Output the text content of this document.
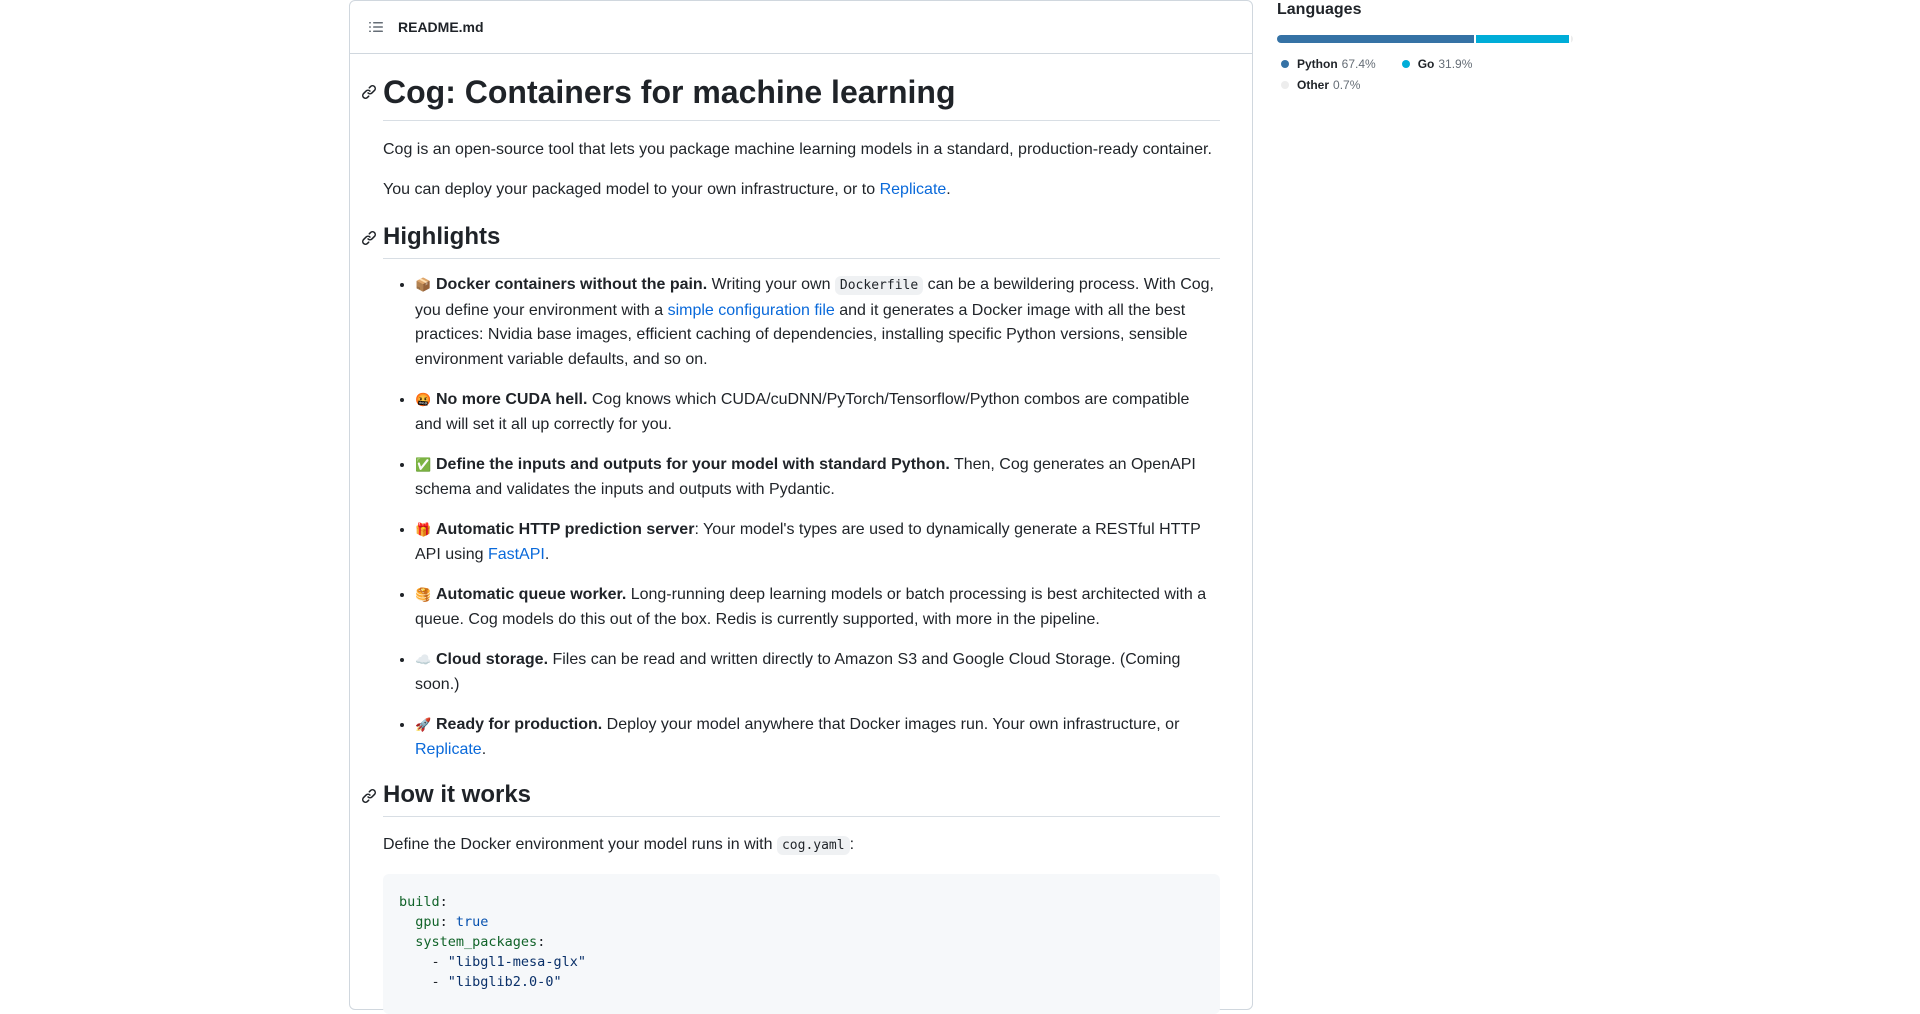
README.md
Cog: Containers for machine learning

Cog is an open-source tool that lets you package machine learning models in a standard, production-ready container.

You can deploy your packaged model to your own infrastructure, or to Replicate.

Highlights
• 📦 Docker containers without the pain. Writing your own Dockerfile can be a bewildering process. With Cog, you define your environment with a simple configuration file and it generates a Docker image with all the best practices: Nvidia base images, efficient caching of dependencies, installing specific Python versions, sensible environment variable defaults, and so on.
• 🤬 No more CUDA hell. Cog knows which CUDA/cuDNN/PyTorch/Tensorflow/Python combos are compatible and will set it all up correctly for you.
• ✅ Define the inputs and outputs for your model with standard Python. Then, Cog generates an OpenAPI schema and validates the inputs and outputs with Pydantic.
• 🎁 Automatic HTTP prediction server: Your model's types are used to dynamically generate a RESTful HTTP API using FastAPI.
• 🥞 Automatic queue worker. Long-running deep learning models or batch processing is best architected with a queue. Cog models do this out of the box. Redis is currently supported, with more in the pipeline.
• ☁️ Cloud storage. Files can be read and written directly to Amazon S3 and Google Cloud Storage. (Coming soon.)
• 🚀 Ready for production. Deploy your model anywhere that Docker images run. Your own infrastructure, or Replicate.
How it works

Define the Docker environment your model runs in with cog.yaml :

build:
gpu: true
system_packages:
- "libgl1-mesa-glx"
- "libglib2.0-0"
Languages
Python 67.4%	Go 31.9%
Other 0.7%
